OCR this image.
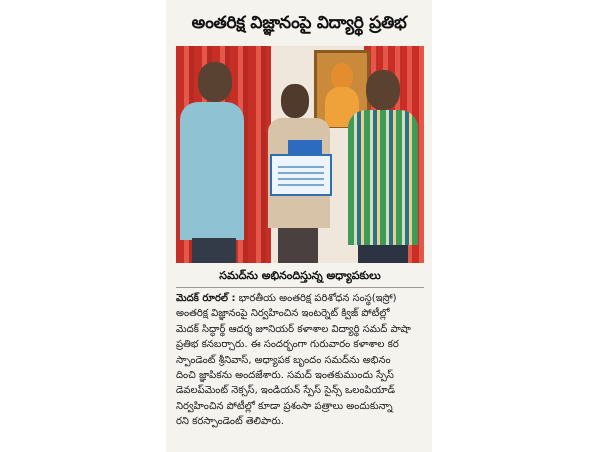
అంతరిక్ష విజ్ఞానంపై విద్యార్థి ప్రతిభ
సమద్‌ను అభినందిస్తున్న అధ్యాపకులు
మెదక్ రూరల్ : భారతీయ అంతరిక్ష పరిశోధన సంస్థ(ఇస్రో)
అంతరిక్ష విజ్ఞానంపై నిర్వహించిన ఇంటర్నెట్ క్విజ్ పోటీల్లో
మెదక్ సిద్ధార్థ్ ఆదర్శ జూనియర్ కళాశాల విద్యార్థి సమద్ పాషా
ప్రతిభ కనబర్చారు. ఈ సందర్భంగా గురువారం కళాశాల కర
స్పాండెంట్ శ్రీనివాస్, అధ్యాపక బృందం సమద్‌ను అభినం
దించి జ్ఞాపికను అందజేశారు. సమద్ ఇంతకుముందు స్పేస్
డెవలప్‌మెంట్ నెక్సస్, ఇండియన్ స్పేస్ సైన్స్ ఒలంపియాడ్
నిర్వహించిన పోటీల్లో కూడా ప్రశంసా పత్రాలు అందుకున్నా
రని కరస్పాండెంట్ తెలిపారు.
